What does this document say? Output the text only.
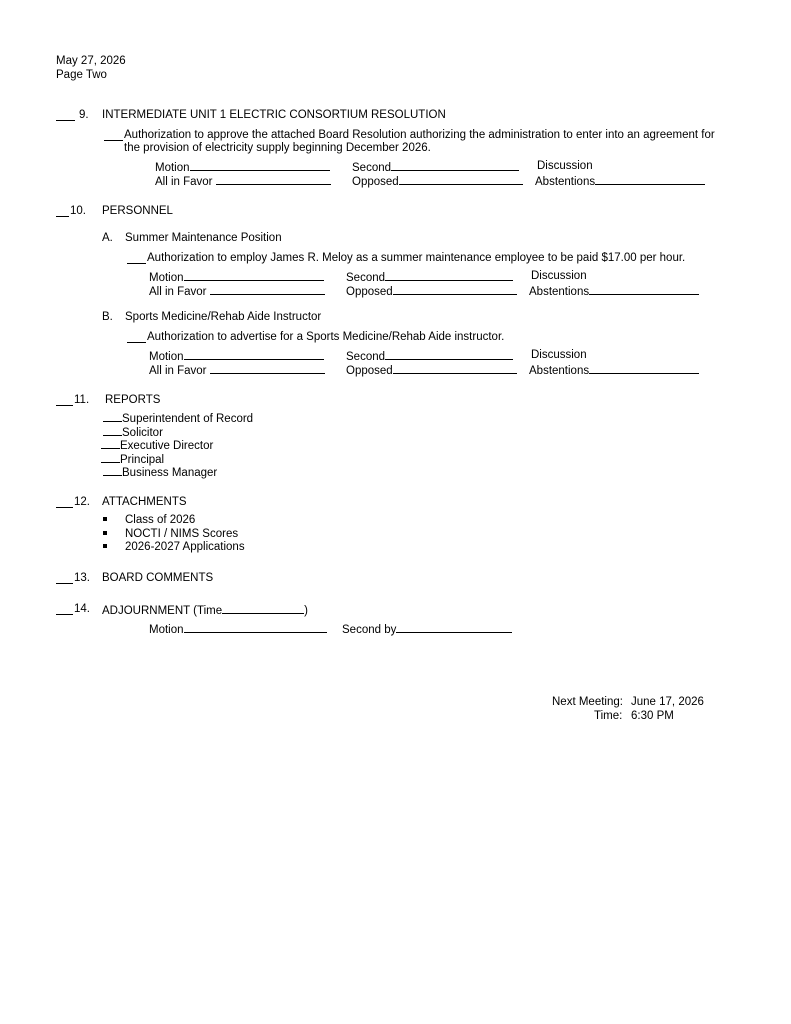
May 27, 2026
Page Two
9. INTERMEDIATE UNIT 1 ELECTRIC CONSORTIUM RESOLUTION
Authorization to approve the attached Board Resolution authorizing the administration to enter into an agreement for
the provision of electricity supply beginning December 2026.
Motion	Second	Discussion
All in Favor	Opposed	Abstentions
10. PERSONNEL
A. Summer Maintenance Position
Authorization to employ James R. Meloy as a summer maintenance employee to be paid $17.00 per hour.
Motion	Second	Discussion
All in Favor	Opposed	Abstentions
B. Sports Medicine/Rehab Aide Instructor
Authorization to advertise for a Sports Medicine/Rehab Aide instructor.
Motion	Second	Discussion
All in Favor	Opposed	Abstentions
11. REPORTS
Superintendent of Record
Solicitor
Executive Director
Principal
Business Manager
12. ATTACHMENTS
Class of 2026
NOCTI / NIMS Scores
2026-2027 Applications
13. BOARD COMMENTS
14. ADJOURNMENT (Time	)
Motion	Second by
Next Meeting: June 17, 2026
Time: 6:30 PM
